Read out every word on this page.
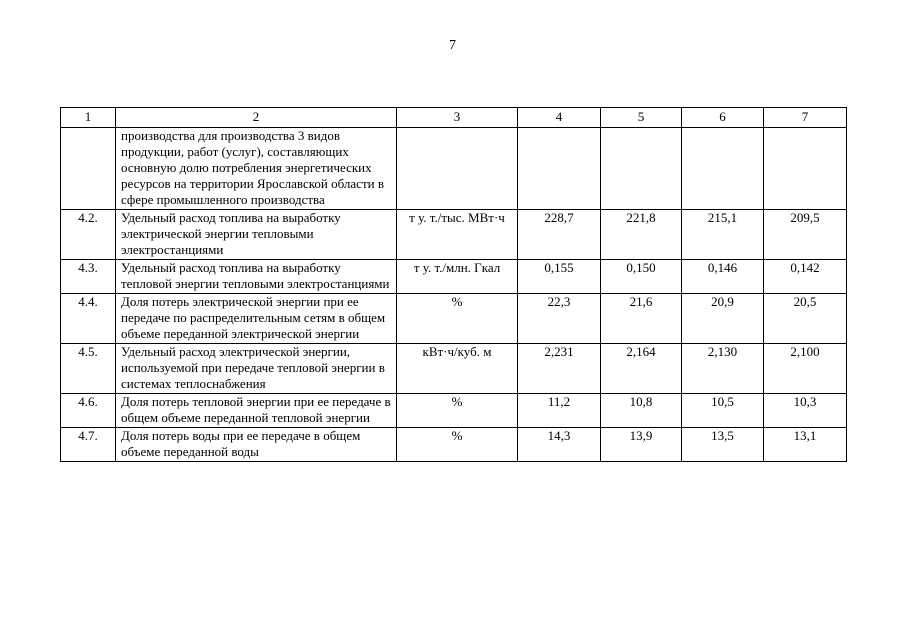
7
1	2	3	4	5	6	7
	производства для производства 3 видов продукции, работ (услуг), составляющих основную долю потребления энергетических ресурсов на территории Ярославской области в сфере промышленного производства					
4.2.	Удельный расход топлива на выработку электрической энергии тепловыми электростанциями	т у. т./тыс. МВт·ч	228,7	221,8	215,1	209,5
4.3.	Удельный расход топлива на выработку тепловой энергии тепловыми электростанциями	т у. т./млн. Гкал	0,155	0,150	0,146	0,142
4.4.	Доля потерь электрической энергии при ее передаче по распределительным сетям в общем объеме переданной электрической энергии	%	22,3	21,6	20,9	20,5
4.5.	Удельный расход электрической энергии, используемой при передаче тепловой энергии в системах теплоснабжения	кВт·ч/куб. м	2,231	2,164	2,130	2,100
4.6.	Доля потерь тепловой энергии при ее передаче в общем объеме переданной тепловой энергии	%	11,2	10,8	10,5	10,3
4.7.	Доля потерь воды при ее передаче в общем объеме переданной воды	%	14,3	13,9	13,5	13,1
